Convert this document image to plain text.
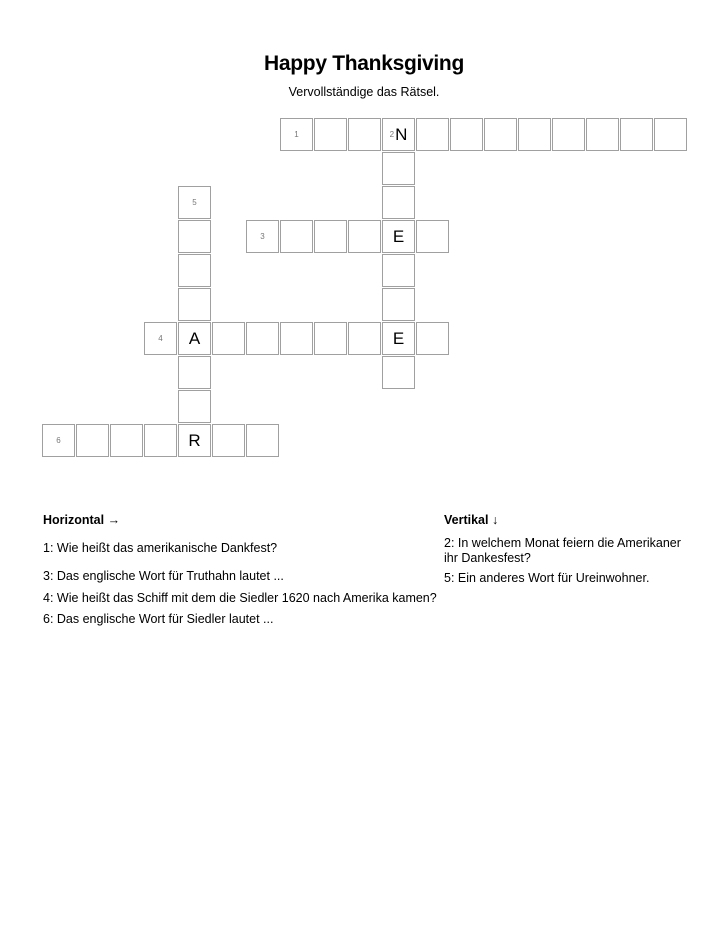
Happy Thanksgiving
Vervollständige das Rätsel.
1	2 N
E
E
3
4 A
5
R
6
Horizontal →

1: Wie heißt das amerikanische Dankfest?

3: Das englische Wort für Truthahn lautet ...

4: Wie heißt das Schiff mit dem die Siedler 1620 nach Amerika kamen?

6: Das englische Wort für Siedler lautet ...

Vertikal ↓

2: In welchem Monat feiern die Amerikaner ihr Dankesfest?

5: Ein anderes Wort für Ureinwohner.
